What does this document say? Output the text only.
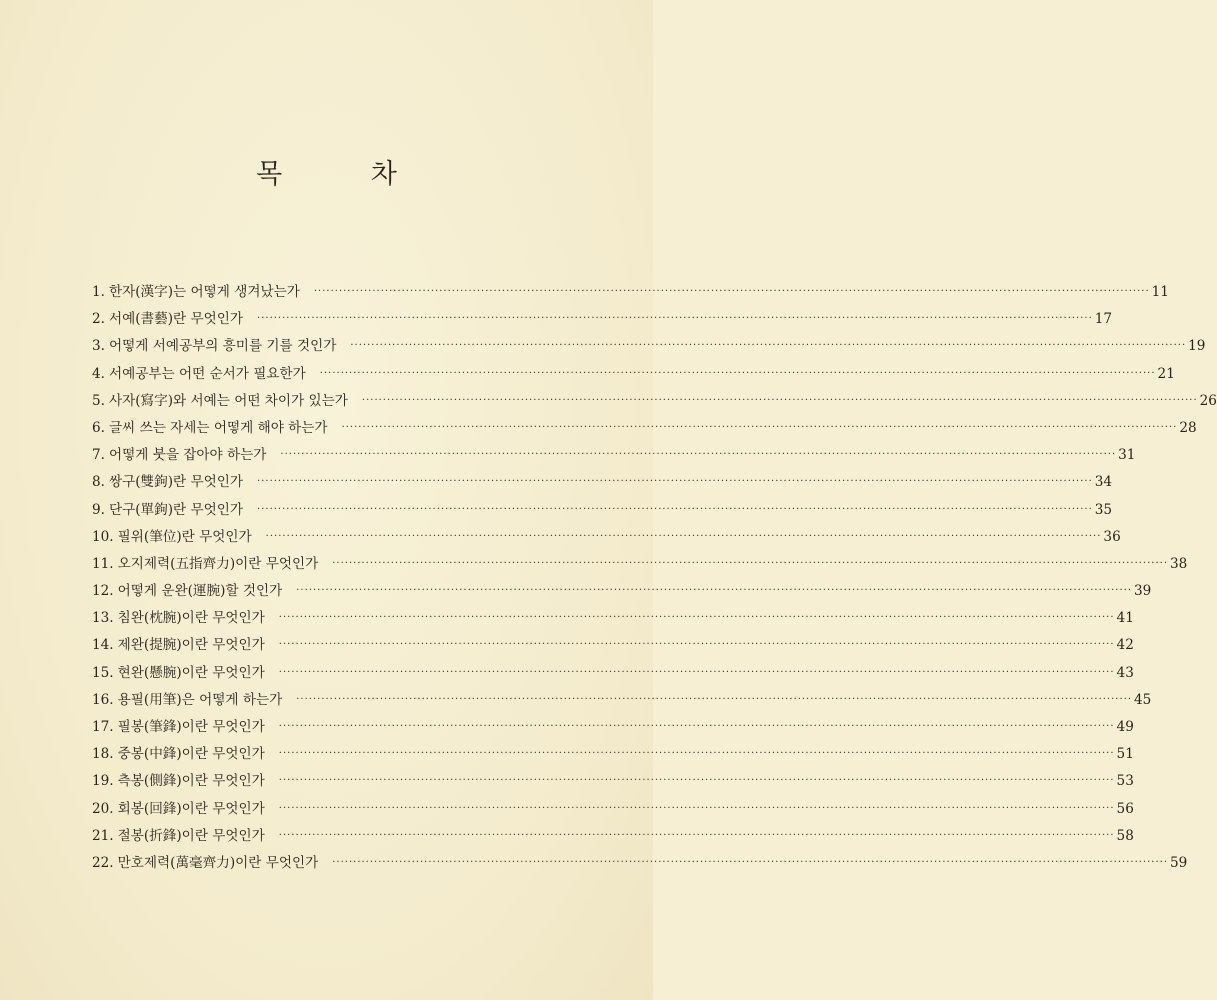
목 차
1. 한자(漢字)는 어떻게 생겨났는가 ········································································································································································································ 11
2. 서예(書藝)란 무엇인가 ········································································································································································································ 17
3. 어떻게 서예공부의 흥미를 기를 것인가 ········································································································································································································ 19
4. 서예공부는 어떤 순서가 필요한가 ········································································································································································································ 21
5. 사자(寫字)와 서예는 어떤 차이가 있는가 ········································································································································································································ 26
6. 글씨 쓰는 자세는 어떻게 해야 하는가 ········································································································································································································ 28
7. 어떻게 붓을 잡아야 하는가 ········································································································································································································ 31
8. 쌍구(雙鉤)란 무엇인가 ········································································································································································································ 34
9. 단구(單鉤)란 무엇인가 ········································································································································································································ 35
10. 필위(筆位)란 무엇인가 ········································································································································································································ 36
11. 오지제력(五指齊力)이란 무엇인가 ········································································································································································································ 38
12. 어떻게 운완(運腕)할 것인가 ········································································································································································································ 39
13. 침완(枕腕)이란 무엇인가 ········································································································································································································ 41
14. 제완(提腕)이란 무엇인가 ········································································································································································································ 42
15. 현완(懸腕)이란 무엇인가 ········································································································································································································ 43
16. 용필(用筆)은 어떻게 하는가 ········································································································································································································ 45
17. 필봉(筆鋒)이란 무엇인가 ········································································································································································································ 49
18. 중봉(中鋒)이란 무엇인가 ········································································································································································································ 51
19. 측봉(側鋒)이란 무엇인가 ········································································································································································································ 53
20. 회봉(回鋒)이란 무엇인가 ········································································································································································································ 56
21. 절봉(折鋒)이란 무엇인가 ········································································································································································································ 58
22. 만호제력(萬毫齊力)이란 무엇인가 ········································································································································································································ 59
